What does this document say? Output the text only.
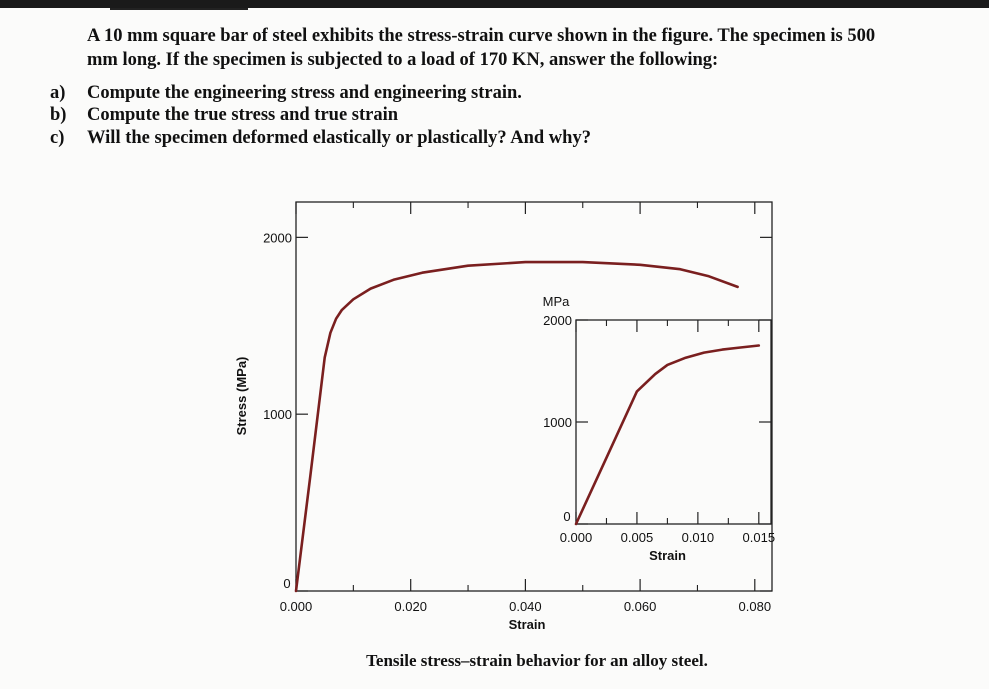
A 10 mm square bar of steel exhibits the stress-strain curve shown in the figure. The specimen is 500
mm long. If the specimen is subjected to a load of 170 KN, answer the following:
a) Compute the engineering stress and engineering strain.
b) Compute the true stress and true strain
c) Will the specimen deformed elastically or plastically? And why?
0.000	0.020	0.040	0.060	0.080
0
1000
2000
Strain
Stress (MPa)
0.000 0.005 0.010 0.015
0
1000
2000
Strain
MPa
Tensile stress–strain behavior for an alloy steel.
